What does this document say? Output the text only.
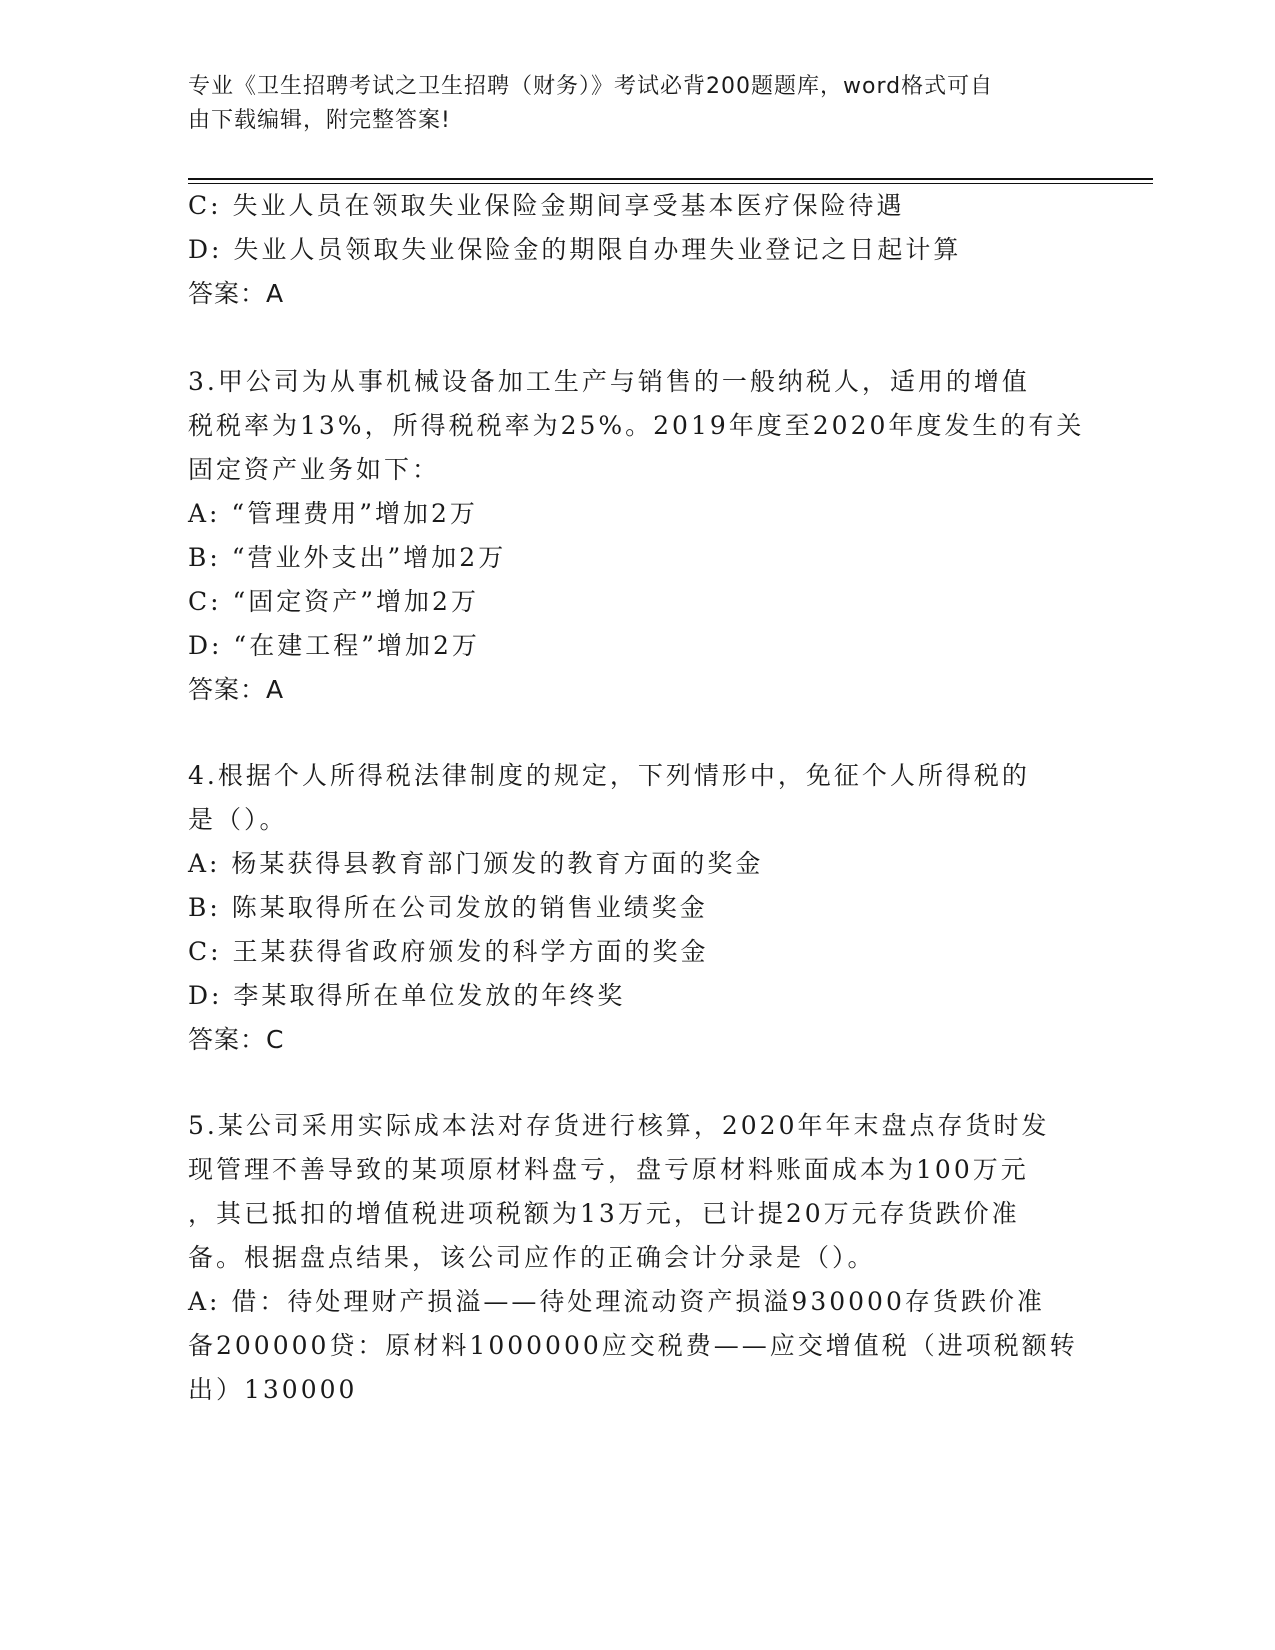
专业《卫生招聘考试之卫生招聘（财务）》考试必背200题题库，word格式可自
由下载编辑，附完整答案!
C: 失业人员在领取失业保险金期间享受基本医疗保险待遇
D: 失业人员领取失业保险金的期限自办理失业登记之日起计算
答案：A
3.甲公司为从事机械设备加工生产与销售的一般纳税人，适用的增值
税税率为13%，所得税税率为25%。2019年度至2020年度发生的有关
固定资产业务如下：
A: “管理费用”增加2万
B: “营业外支出”增加2万
C: “固定资产”增加2万
D: “在建工程”增加2万
答案：A
4.根据个人所得税法律制度的规定，下列情形中，免征个人所得税的
是（）。
A: 杨某获得县教育部门颁发的教育方面的奖金
B: 陈某取得所在公司发放的销售业绩奖金
C: 王某获得省政府颁发的科学方面的奖金
D: 李某取得所在单位发放的年终奖
答案：C
5.某公司采用实际成本法对存货进行核算，2020年年末盘点存货时发
现管理不善导致的某项原材料盘亏，盘亏原材料账面成本为100万元
，其已抵扣的增值税进项税额为13万元，已计提20万元存货跌价准
备。根据盘点结果，该公司应作的正确会计分录是（）。
A: 借：待处理财产损溢——待处理流动资产损溢930000存货跌价准
备200000贷：原材料1000000应交税费——应交增值税（进项税额转
出）130000
